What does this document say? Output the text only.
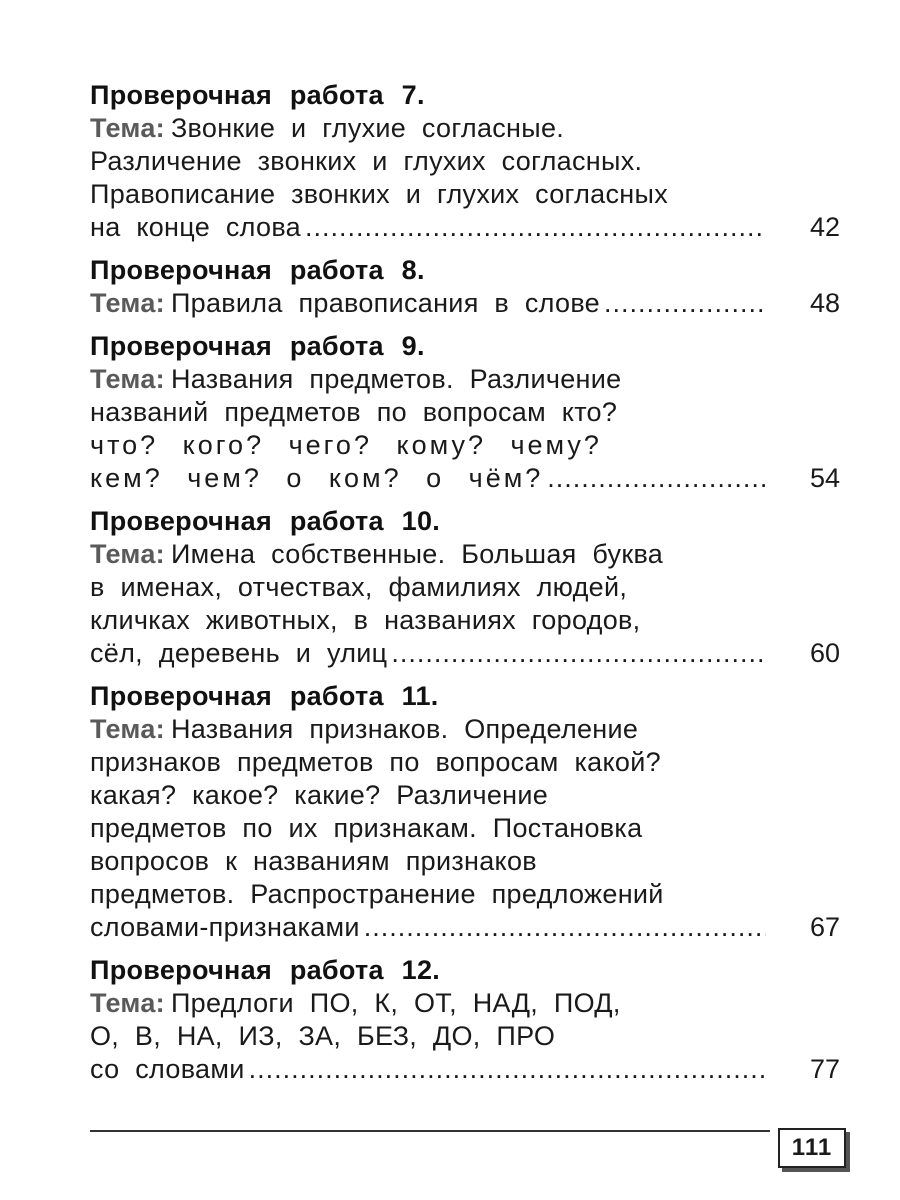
Проверочная работа 7.
Тема: Звонкие и глухие согласные.
Различение звонких и глухих согласных.
Правописание звонких и глухих согласных
на конце слова .....	42
Проверочная работа 8.
Тема: Правила правописания в слове .....	48
Проверочная работа 9.
Тема: Названия предметов. Различение
названий предметов по вопросам кто?
что? кого? чего? кому? чему?
кем? чем? о ком? о чём? .....	54
Проверочная работа 10.
Тема: Имена собственные. Большая буква
в именах, отчествах, фамилиях людей,
кличках животных, в названиях городов,
сёл, деревень и улиц .....	60
Проверочная работа 11.
Тема: Названия признаков. Определение
признаков предметов по вопросам какой?
какая? какое? какие? Различение
предметов по их признакам. Постановка
вопросов к названиям признаков
предметов. Распространение предложений
словами-признаками .....	67
Проверочная работа 12.
Тема: Предлоги ПО, К, ОТ, НАД, ПОД,
О, В, НА, ИЗ, ЗА, БЕЗ, ДО, ПРО
со словами .....	77
111
